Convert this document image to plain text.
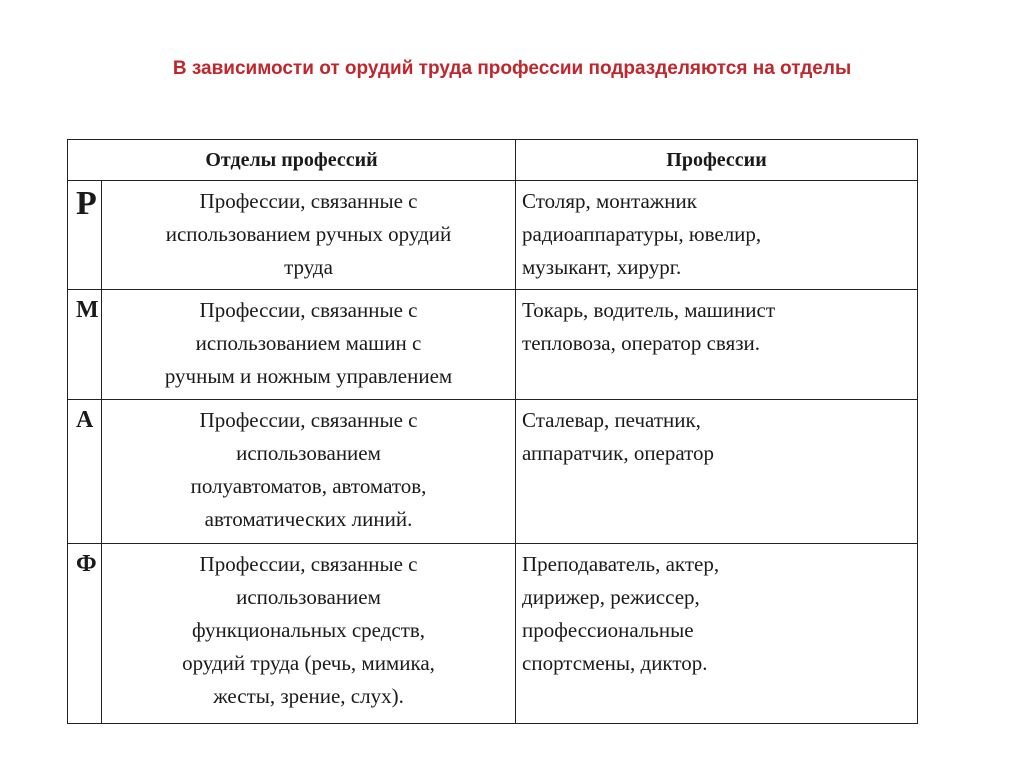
В зависимости от орудий труда профессии подразделяются на отделы
Отделы профессий		Профессии
Р	Профессии, связанные с
использованием ручных орудий
труда	Столяр, монтажник
радиоаппаратуры, ювелир,
музыкант, хирург.
М	Профессии, связанные с
использованием машин с
ручным и ножным управлением	Токарь, водитель, машинист
тепловоза, оператор связи.
А	Профессии, связанные с
использованием
полуавтоматов, автоматов,
автоматических линий.	Сталевар, печатник,
аппаратчик, оператор
Ф	Профессии, связанные с
использованием
функциональных средств,
орудий труда (речь, мимика,
жесты, зрение, слух).	Преподаватель, актер,
дирижер, режиссер,
профессиональные
спортсмены, диктор.
